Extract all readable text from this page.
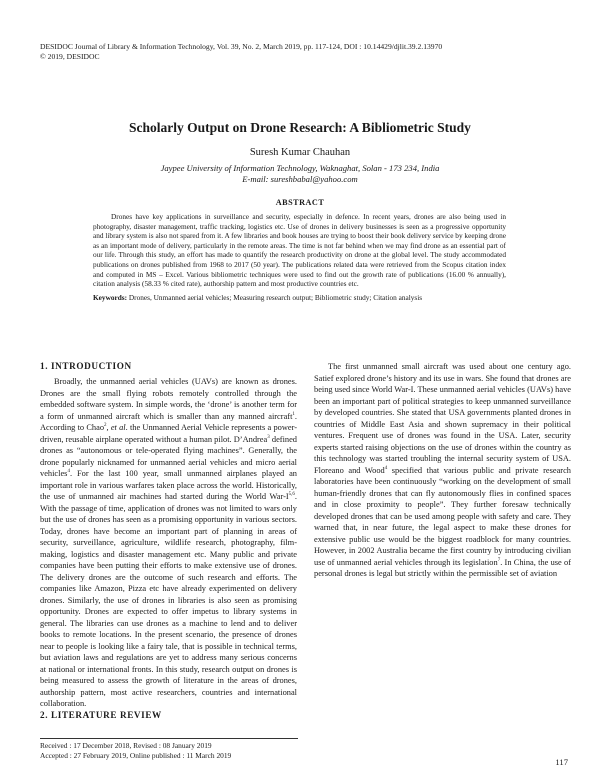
DESIDOC Journal of Library & Information Technology, Vol. 39, No. 2, March 2019, pp. 117-124, DOI : 10.14429/djlit.39.2.13970
© 2019, DESIDOC
Scholarly Output on Drone Research: A Bibliometric Study
Suresh Kumar Chauhan
Jaypee University of Information Technology, Waknaghat, Solan - 173 234, India
E-mail: sureshbabal@yahoo.com
ABSTRACT

Drones have key applications in surveillance and security, especially in defence. In recent years, drones are also being used in photography, disaster management, traffic tracking, logistics etc. Use of drones in delivery businesses is seen as a progressive opportunity and library system is also not spared from it. A few libraries and book houses are trying to boost their book delivery service by keeping drone as an important mode of delivery, particularly in the remote areas. The time is not far behind when we may find drone as an essential part of our life. Through this study, an effort has made to quantify the research productivity on drone at the global level. The study accommodated publications on drones published from 1968 to 2017 (50 year). The publications related data were retrieved from the Scopus citation index and computed in MS – Excel. Various bibliometric techniques were used to find out the growth rate of publications (16.00 % annually), citation analysis (58.33 % cited rate), authorship pattern and most productive countries etc.

Keywords: Drones, Unmanned aerial vehicles; Measuring research output; Bibliometric study; Citation analysis

1. INTRODUCTION

Broadly, the unmanned aerial vehicles (UAVs) are known as drones. Drones are the small flying robots remotely controlled through the embedded software system. In simple words, the ‘drone’ is another term for a form of unmanned aircraft which is smaller than any manned aircraft$^1$. According to Chao$^2$, et al. the Unmanned Aerial Vehicle represents a power-driven, reusable airplane operated without a human pilot. D’Andrea$^3$ defined drones as “autonomous or tele-operated flying machines”. Generally, the drone popularly nicknamed for unmanned aerial vehicles and micro aerial vehicles$^4$. For the last 100 year, small unmanned airplanes played an important role in various warfares taken place across the world. Historically, the use of unmanned air machines had started during the World War-$I^{5,6}$. With the passage of time, application of drones was not limited to wars only but the use of drones has seen as a promising opportunity in various sectors. Today, drones have become an important part of planning in areas of security, surveillance, agriculture, wildlife research, photography, film-making, logistics and disaster management etc. Many public and private companies have been putting their efforts to make extensive use of drones. The delivery drones are the outcome of such research and efforts. The companies like Amazon, Pizza etc have already experimented on delivery drones. Similarly, the use of drones in libraries is also seen as promising opportunity. Drones are expected to offer impetus to library systems in general. The libraries can use drones as a machine to lend and to deliver books to remote locations. In the present scenario, the presence of drones near to people is looking like a fairy tale, that is possible in technical terms, but aviation laws and regulations are yet to address many serious concerns at national or international fronts. In this study, research output on drones is being measured to assess the growth of literature in the areas of drones, authorship pattern, most active researchers, countries and international collaboration.

2. LITERATURE REVIEW

The first unmanned small aircraft was used about one century ago. Satief explored drone’s history and its use in wars. She found that drones are being used since World War-I. These unmanned aerial vehicles (UAVs) have been an important part of political strategies to keep unmanned surveillance by developed countries. She stated that USA governments planted drones in countries of Middle East Asia and shown supremacy in their political ventures. Frequent use of drones was found in the USA. Later, security experts started raising objections on the use of drones within the country as this technology was started troubling the internal security system of USA. Floreano and Wood$^4$ specified that various public and private research laboratories have been continuously “working on the development of small human-friendly drones that can fly autonomously flies in confined spaces and in close proximity to people”. They further foresaw technically developed drones that can be used among people with safety and care. They warned that, in near future, the legal aspect to make these drones for extensive public use would be the biggest roadblock for many countries. However, in 2002 Australia became the first country by introducing civilian use of unmanned aerial vehicles through its legislation$^7$. In China, the use of personal drones is legal but strictly within the permissible set of aviation

Received : 17 December 2018, Revised : 08 January 2019
Accepted : 27 February 2019, Online published : 11 March 2019
117
